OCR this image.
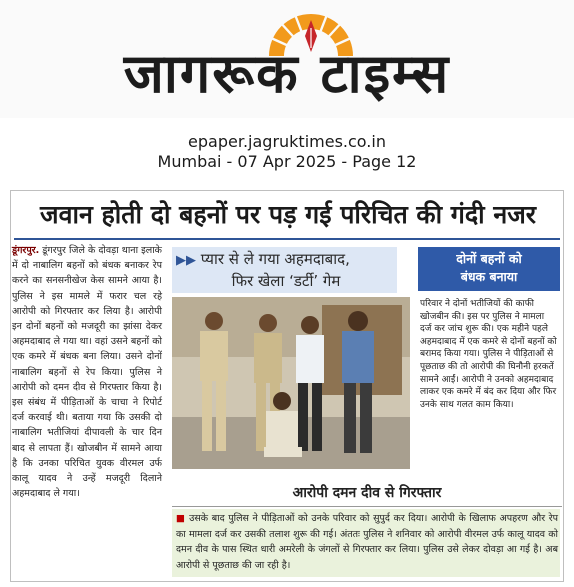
जागरूक टाइम्स
epaper.jagruktimes.co.in
Mumbai - 07 Apr 2025 - Page 12
जवान होती दो बहनों पर पड़ गई परिचित की गंदी नजर
डूंगरपुर. डूंगरपुर जिले के दोवड़ा थाना इलाके में दो नाबालिग बहनों को बंधक बनाकर रेप करने का सनसनीखेज केस सामने आया है। पुलिस ने इस मामले में फरार चल रहे आरोपी को गिरफ्तार कर लिया है। आरोपी इन दोनों बहनों को मजदूरी का झांसा देकर अहमदाबाद ले गया था। वहां उसने बहनों को एक कमरे में बंधक बना लिया। उसने दोनों नाबालिग बहनों से रेप किया। पुलिस ने आरोपी को दमन दीव से गिरफ्तार किया है। इस संबंध में पीड़िताओं के चाचा ने रिपोर्ट दर्ज करवाई थी। बताया गया कि उसकी दो नाबालिग भतीजियां दीपावली के चार दिन बाद से लापता हैं। खोजबीन में सामने आया है कि उनका परिचित युवक वीरमल उर्फ कालू यादव ने उन्हें मजदूरी दिलाने अहमदाबाद ले गया।
▶▶ प्यार से ले गया अहमदाबाद,
फिर खेला ‘डर्टी’ गेम
दोनों बहनों को
बंधक बनाया
परिवार ने दोनों भतीजियों की काफी खोजबीन की। इस पर पुलिस ने मामला दर्ज कर जांच शुरू की। एक महीने पहले अहमदाबाद में एक कमरे से दोनों बहनों को बरामद किया गया। पुलिस ने पीड़िताओं से पूछताछ की तो आरोपी की घिनौनी हरकतें सामने आईं। आरोपी ने उनको अहमदाबाद लाकर एक कमरे में बंद कर दिया और फिर उनके साथ गलत काम किया।
आरोपी दमन दीव से गिरफ्तार
■ उसके बाद पुलिस ने पीड़िताओं को उनके परिवार को सुपुर्द कर दिया। आरोपी के खिलाफ अपहरण और रेप का मामला दर्ज कर उसकी तलाश शुरू की गई। अंततः पुलिस ने शनिवार को आरोपी वीरमल उर्फ कालू यादव को दमन दीव के पास स्थित धारी अमरेली के जंगलों से गिरफ्तार कर लिया। पुलिस उसे लेकर दोवड़ा आ गई है। अब आरोपी से पूछताछ की जा रही है।
